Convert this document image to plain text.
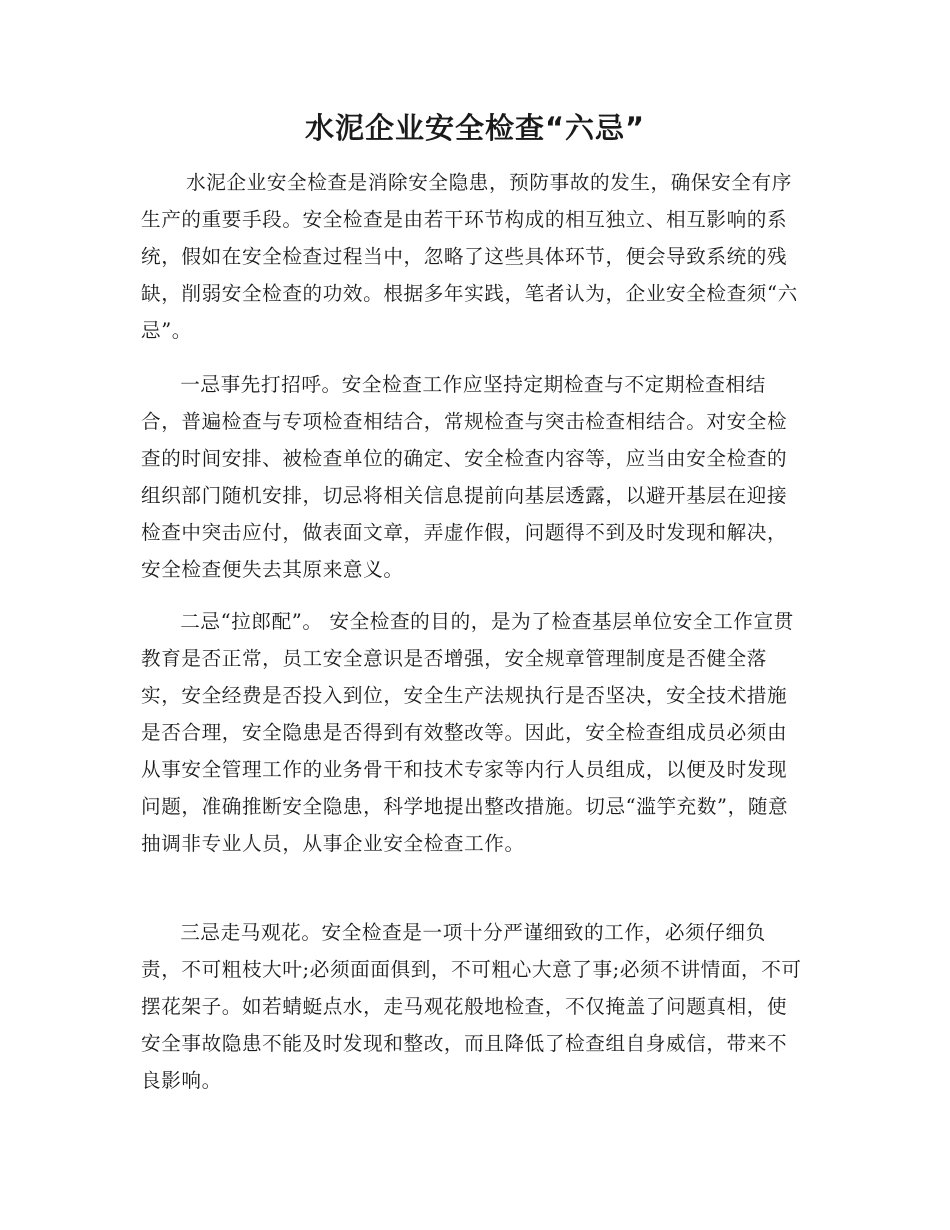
水泥企业安全检查“六忌”

水泥企业安全检查是消除安全隐患，预防事故的发生，确保安全有序生产的重要手段。安全检查是由若干环节构成的相互独立、相互影响的系统，假如在安全检查过程当中，忽略了这些具体环节，便会导致系统的残缺，削弱安全检查的功效。根据多年实践，笔者认为，企业安全检查须“六忌”。

一忌事先打招呼。安全检查工作应坚持定期检查与不定期检查相结合，普遍检查与专项检查相结合，常规检查与突击检查相结合。对安全检查的时间安排、被检查单位的确定、安全检查内容等，应当由安全检查的组织部门随机安排，切忌将相关信息提前向基层透露，以避开基层在迎接检查中突击应付，做表面文章，弄虚作假，问题得不到及时发现和解决，安全检查便失去其原来意义。

二忌“拉郎配”。 安全检查的目的，是为了检查基层单位安全工作宣贯教育是否正常，员工安全意识是否增强，安全规章管理制度是否健全落实，安全经费是否投入到位，安全生产法规执行是否坚决，安全技术措施是否合理，安全隐患是否得到有效整改等。因此，安全检查组成员必须由从事安全管理工作的业务骨干和技术专家等内行人员组成，以便及时发现问题，准确推断安全隐患，科学地提出整改措施。切忌“滥竽充数”，随意抽调非专业人员，从事企业安全检查工作。

三忌走马观花。安全检查是一项十分严谨细致的工作，必须仔细负责，不可粗枝大叶;必须面面俱到，不可粗心大意了事;必须不讲情面，不可摆花架子。如若蜻蜓点水，走马观花般地检查，不仅掩盖了问题真相，使安全事故隐患不能及时发现和整改，而且降低了检查组自身威信，带来不良影响。
